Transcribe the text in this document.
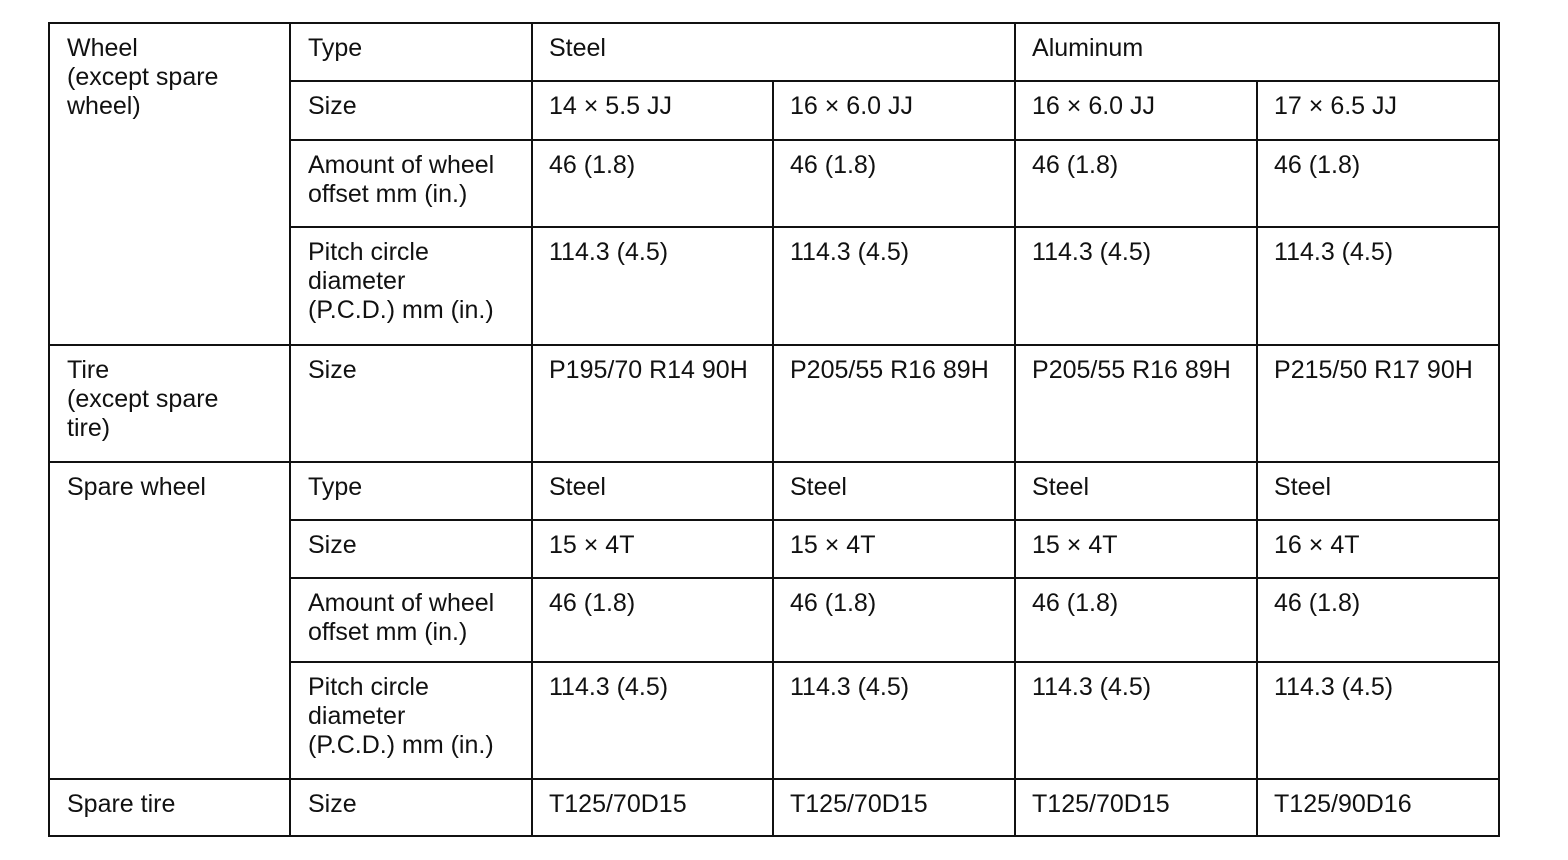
Wheel
(except spare
wheel)	Type	Steel		Aluminum	
	Size	14 × 5.5 JJ	16 × 6.0 JJ	16 × 6.0 JJ	17 × 6.5 JJ
	Amount of wheel
offset mm (in.)	46 (1.8)	46 (1.8)	46 (1.8)	46 (1.8)
	Pitch circle
diameter
(P.C.D.) mm (in.)	114.3 (4.5)	114.3 (4.5)	114.3 (4.5)	114.3 (4.5)
Tire
(except spare
tire)	Size	P195/70 R14 90H	P205/55 R16 89H	P205/55 R16 89H	P215/50 R17 90H
Spare wheel	Type	Steel	Steel	Steel	Steel
	Size	15 × 4T	15 × 4T	15 × 4T	16 × 4T
	Amount of wheel
offset mm (in.)	46 (1.8)	46 (1.8)	46 (1.8)	46 (1.8)
	Pitch circle
diameter
(P.C.D.) mm (in.)	114.3 (4.5)	114.3 (4.5)	114.3 (4.5)	114.3 (4.5)
Spare tire	Size	T125/70D15	T125/70D15	T125/70D15	T125/90D16
